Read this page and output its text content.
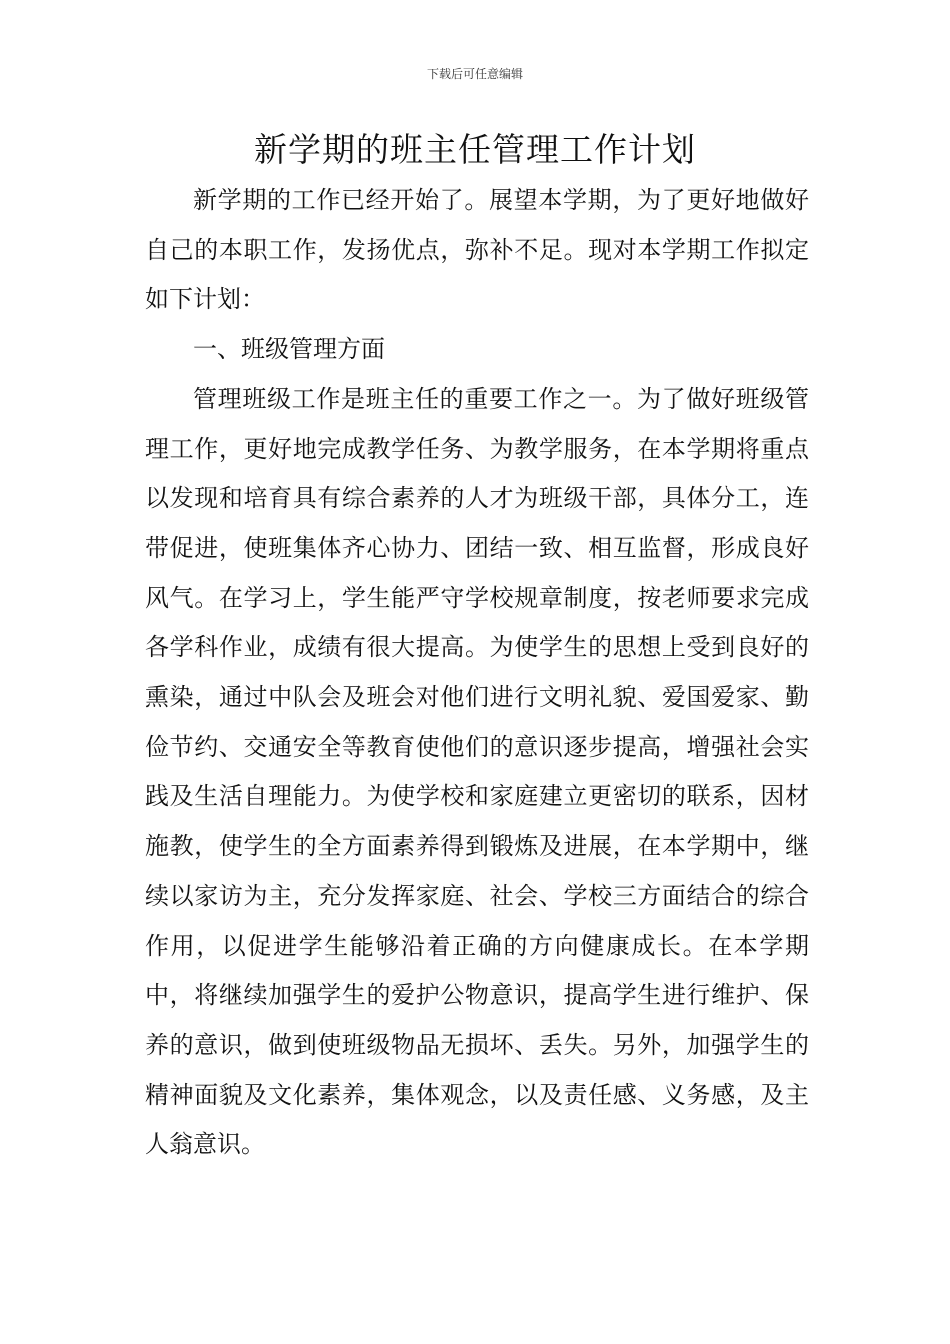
下载后可任意编辑
新学期的班主任管理工作计划

新学期的工作已经开始了。展望本学期，为了更好地做好自己的本职工作，发扬优点，弥补不足。现对本学期工作拟定如下计划：

一、班级管理方面

管理班级工作是班主任的重要工作之一。为了做好班级管理工作，更好地完成教学任务、为教学服务，在本学期将重点以发现和培育具有综合素养的人才为班级干部，具体分工，连带促进，使班集体齐心协力、团结一致、相互监督，形成良好风气。在学习上，学生能严守学校规章制度，按老师要求完成各学科作业，成绩有很大提高。为使学生的思想上受到良好的熏染，通过中队会及班会对他们进行文明礼貌、爱国爱家、勤俭节约、交通安全等教育使他们的意识逐步提高，增强社会实践及生活自理能力。为使学校和家庭建立更密切的联系，因材施教，使学生的全方面素养得到锻炼及进展，在本学期中，继续以家访为主，充分发挥家庭、社会、学校三方面结合的综合作用，以促进学生能够沿着正确的方向健康成长。在本学期中，将继续加强学生的爱护公物意识，提高学生进行维护、保养的意识，做到使班级物品无损坏、丢失。另外，加强学生的精神面貌及文化素养，集体观念，以及责任感、义务感，及主人翁意识。
